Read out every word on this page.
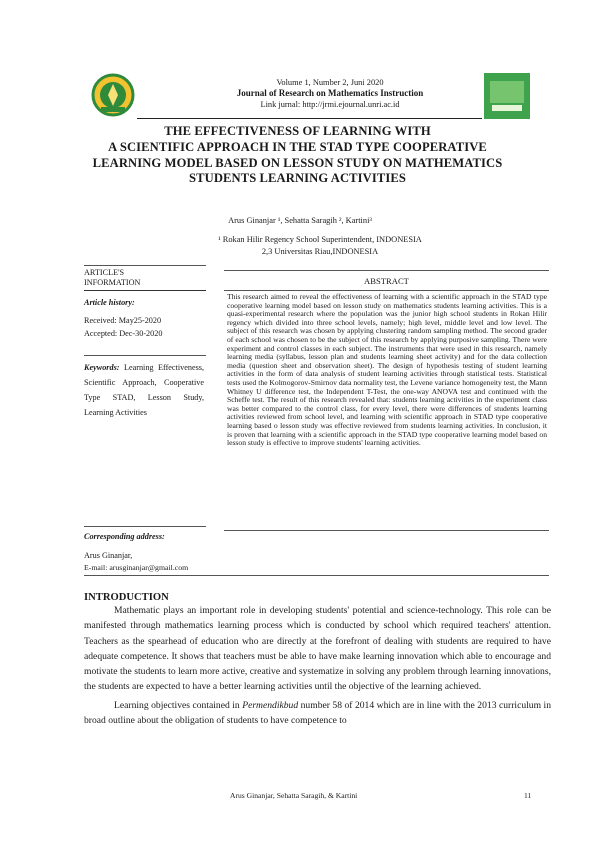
Volume 1, Number 2, Juni 2020
Journal of Research on Mathematics Instruction
Link jurnal: http://jrmi.ejournal.unri.ac.id
THE EFFECTIVENESS OF LEARNING WITH
A SCIENTIFIC APPROACH IN THE STAD TYPE COOPERATIVE
LEARNING MODEL BASED ON LESSON STUDY ON MATHEMATICS
STUDENTS LEARNING ACTIVITIES
Arus Ginanjar ¹, Sehatta Saragih ², Kartini³
¹ Rokan Hilir Regency School Superintendent, INDONESIA
2,3 Universitas Riau,INDONESIA
ARTICLE'S INFORMATION
Article history:
Received: May25-2020
Accepted: Dec-30-2020
Keywords: Learning Effectiveness, Scientific Approach, Cooperative Type STAD, Lesson Study, Learning Activities
Corresponding address:
Arus Ginanjar,
E-mail: arusginanjar@gmail.com
ABSTRACT
This research aimed to reveal the effectiveness of learning with a scientific approach in the STAD type cooperative learning model based on lesson study on mathematics students learning activities. This is a quasi-experimental research where the population was the junior high school students in Rokan Hilir regency which divided into three school levels, namely; high level, middle level and low level. The subject of this research was chosen by applying clustering random sampling method. The second grader of each school was chosen to be the subject of this research by applying purposive sampling. There were experiment and control classes in each subject. The instruments that were used in this research, namely learning media (syllabus, lesson plan and students learning sheet activity) and for the data collection media (question sheet and observation sheet). The design of hypothesis testing of student learning activities in the form of data analysis of student learning activities through statistical tests. Statistical tests used the Kolmogorov-Smirnov data normality test, the Levene variance homogeneity test, the Mann Whitney U difference test, the Independent T-Test, the one-way ANOVA test and continued with the Scheffe test. The result of this research revealed that: students learning activities in the experiment class was better compared to the control class, for every level, there were differences of students learning activities reviewed from school level, and learning with scientific approach in STAD type cooperative learning based o lesson study was effective reviewed from students learning activities. In conclusion, it is proven that learning with a scientific approach in the STAD type cooperative learning model based on lesson study is effective to improve students' learning activities.
INTRODUCTION

Mathematic plays an important role in developing students' potential and science-technology. This role can be manifested through mathematics learning process which is conducted by school which required teachers' attention. Teachers as the spearhead of education who are directly at the forefront of dealing with students are required to have adequate competence. It shows that teachers must be able to have make learning innovation which able to encourage and motivate the students to learn more active, creative and systematize in solving any problem through learning innovations, the students are expected to have a better learning activities until the objective of the learning achieved.

Learning objectives contained in Permendikbud number 58 of 2014 which are in line with the 2013 curriculum in broad outline about the obligation of students to have competence to

Arus Ginanjar, Sehatta Saragih, & Kartini	11
